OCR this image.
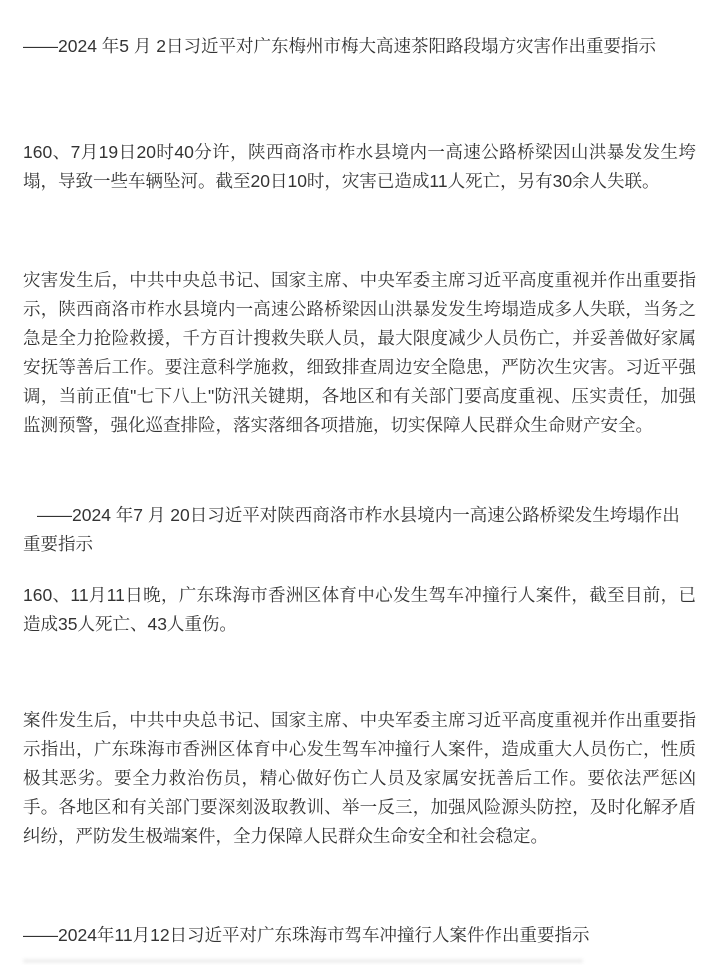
——2024 年5 月 2日习近平对广东梅州市梅大高速茶阳路段塌方灾害作出重要指示

160、7月19日20时40分许，陕西商洛市柞水县境内一高速公路桥梁因山洪暴发发生垮塌，导致一些车辆坠河。截至20日10时，灾害已造成11人死亡，另有30余人失联。

灾害发生后，中共中央总书记、国家主席、中央军委主席习近平高度重视并作出重要指示，陕西商洛市柞水县境内一高速公路桥梁因山洪暴发发生垮塌造成多人失联，当务之急是全力抢险救援，千方百计搜救失联人员，最大限度减少人员伤亡，并妥善做好家属安抚等善后工作。要注意科学施救，细致排查周边安全隐患，严防次生灾害。习近平强调，当前正值"七下八上"防汛关键期，各地区和有关部门要高度重视、压实责任，加强监测预警，强化巡查排险，落实落细各项措施，切实保障人民群众生命财产安全。

——2024 年7 月 20日习近平对陕西商洛市柞水县境内一高速公路桥梁发生垮塌作出重要指示

160、11月11日晚，广东珠海市香洲区体育中心发生驾车冲撞行人案件，截至目前，已造成35人死亡、43人重伤。

案件发生后，中共中央总书记、国家主席、中央军委主席习近平高度重视并作出重要指示指出，广东珠海市香洲区体育中心发生驾车冲撞行人案件，造成重大人员伤亡，性质极其恶劣。要全力救治伤员，精心做好伤亡人员及家属安抚善后工作。要依法严惩凶手。各地区和有关部门要深刻汲取教训、举一反三，加强风险源头防控，及时化解矛盾纠纷，严防发生极端案件，全力保障人民群众生命安全和社会稳定。

——2024年11月12日习近平对广东珠海市驾车冲撞行人案件作出重要指示
